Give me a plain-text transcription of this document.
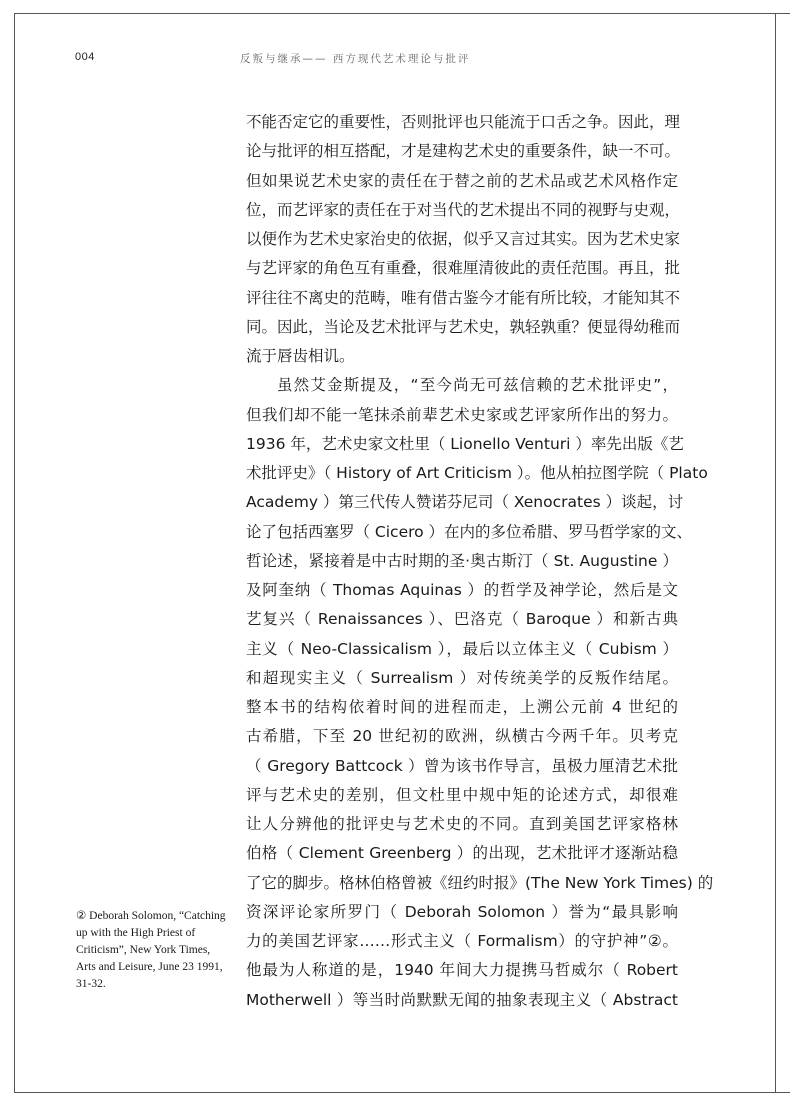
004	反叛与继承—— 西方现代艺术理论与批评
不能否定它的重要性，否则批评也只能流于口舌之争。因此，理
论与批评的相互搭配，才是建构艺术史的重要条件，缺一不可。
但如果说艺术史家的责任在于替之前的艺术品或艺术风格作定
位，而艺评家的责任在于对当代的艺术提出不同的视野与史观，
以便作为艺术史家治史的依据，似乎又言过其实。因为艺术史家
与艺评家的角色互有重叠，很难厘清彼此的责任范围。再且，批
评往往不离史的范畴，唯有借古鉴今才能有所比较，才能知其不
同。因此，当论及艺术批评与艺术史，孰轻孰重？便显得幼稚而
流于唇齿相讥。
虽然艾金斯提及，“至今尚无可兹信赖的艺术批评史”，
但我们却不能一笔抹杀前辈艺术史家或艺评家所作出的努力。
1936 年，艺术史家文杜里（ Lionello Venturi ）率先出版《艺
术批评史》（ History of Art Criticism ）。他从柏拉图学院（ Plato
Academy ）第三代传人赞诺芬尼司（ Xenocrates ）谈起，讨
论了包括西塞罗（ Cicero ）在内的多位希腊、罗马哲学家的文、
哲论述，紧接着是中古时期的圣·奥古斯汀（ St. Augustine ）
及阿奎纳（ Thomas Aquinas ）的哲学及神学论，然后是文
艺复兴（ Renaissances ）、巴洛克（ Baroque ）和新古典
主义（ Neo-Classicalism ），最后以立体主义（ Cubism ）
和超现实主义（ Surrealism ）对传统美学的反叛作结尾。
整本书的结构依着时间的进程而走，上溯公元前 4 世纪的
古希腊，下至 20 世纪初的欧洲，纵横古今两千年。贝考克
（ Gregory Battcock ）曾为该书作导言，虽极力厘清艺术批
评与艺术史的差别，但文杜里中规中矩的论述方式，却很难
让人分辨他的批评史与艺术史的不同。直到美国艺评家格林
伯格（ Clement Greenberg ）的出现，艺术批评才逐渐站稳
了它的脚步。格林伯格曾被《纽约时报》(The New York Times) 的
资深评论家所罗门（ Deborah Solomon ）誉为“最具影响
力的美国艺评家……形式主义（ Formalism）的守护神”②。
他最为人称道的是，1940 年间大力提携马哲威尔（ Robert
Motherwell ）等当时尚默默无闻的抽象表现主义（ Abstract
② Deborah Solomon, “Catching up with the High Priest of Criticism”, New York Times, Arts and Leisure, June 23 1991, 31-32.
